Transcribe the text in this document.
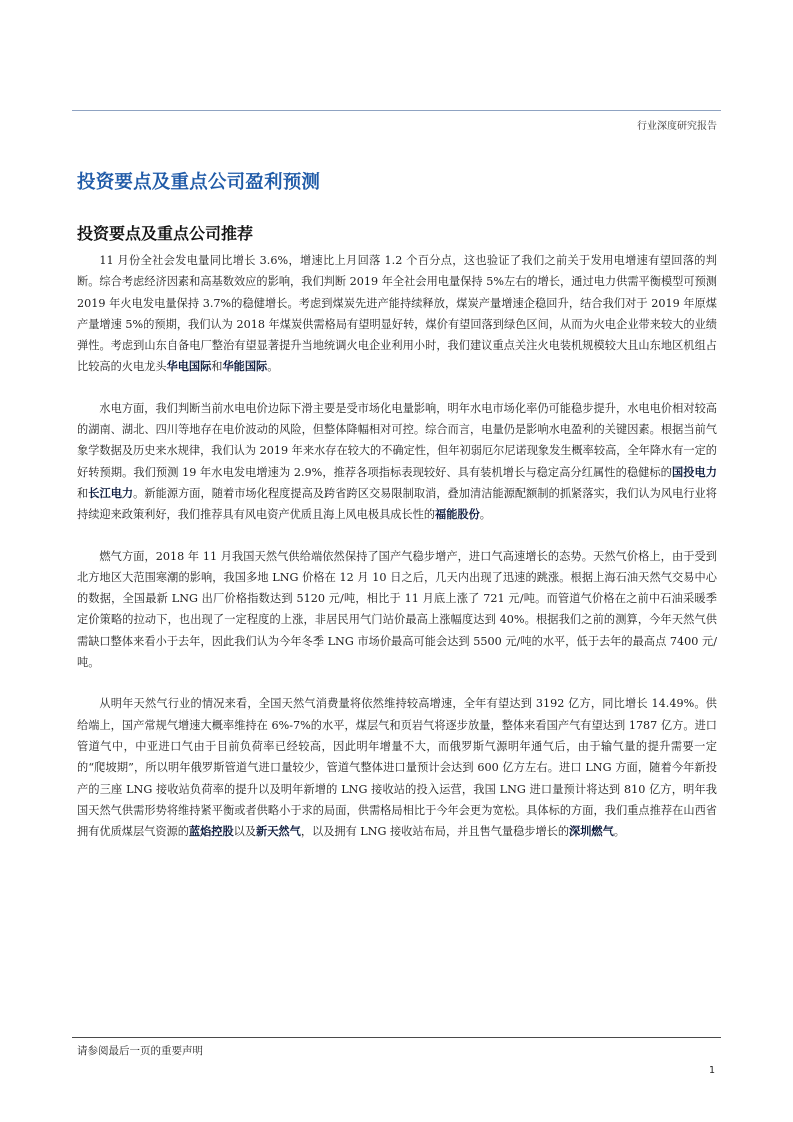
行业深度研究报告
投资要点及重点公司盈利预测
投资要点及重点公司推荐

11 月份全社会发电量同比增长 3.6%，增速比上月回落 1.2 个百分点，这也验证了我们之前关于发用电增速有望回落的判断。综合考虑经济因素和高基数效应的影响，我们判断 2019 年全社会用电量保持 5%左右的增长，通过电力供需平衡模型可预测 2019 年火电发电量保持 3.7%的稳健增长。考虑到煤炭先进产能持续释放，煤炭产量增速企稳回升，结合我们对于 2019 年原煤产量增速 5%的预期，我们认为 2018 年煤炭供需格局有望明显好转，煤价有望回落到绿色区间，从而为火电企业带来较大的业绩弹性。考虑到山东自备电厂整治有望显著提升当地统调火电企业利用小时，我们建议重点关注火电装机规模较大且山东地区机组占比较高的火电龙头华电国际和华能国际。

水电方面，我们判断当前水电电价边际下滑主要是受市场化电量影响，明年水电市场化率仍可能稳步提升，水电电价相对较高的湖南、湖北、四川等地存在电价波动的风险，但整体降幅相对可控。综合而言，电量仍是影响水电盈利的关键因素。根据当前气象学数据及历史来水规律，我们认为 2019 年来水存在较大的不确定性，但年初弱厄尔尼诺现象发生概率较高，全年降水有一定的好转预期。我们预测 19 年水电发电增速为 2.9%，推荐各项指标表现较好、具有装机增长与稳定高分红属性的稳健标的国投电力和长江电力。新能源方面，随着市场化程度提高及跨省跨区交易限制取消，叠加清洁能源配额制的抓紧落实，我们认为风电行业将持续迎来政策利好，我们推荐具有风电资产优质且海上风电极具成长性的福能股份。

燃气方面，2018 年 11 月我国天然气供给端依然保持了国产气稳步增产，进口气高速增长的态势。天然气价格上，由于受到北方地区大范围寒潮的影响，我国多地 LNG 价格在 12 月 10 日之后，几天内出现了迅速的跳涨。根据上海石油天然气交易中心的数据，全国最新 LNG 出厂价格指数达到 5120 元/吨，相比于 11 月底上涨了 721 元/吨。而管道气价格在之前中石油采暖季定价策略的拉动下，也出现了一定程度的上涨，非居民用气门站价最高上涨幅度达到 40%。根据我们之前的测算，今年天然气供需缺口整体来看小于去年，因此我们认为今年冬季 LNG 市场价最高可能会达到 5500 元/吨的水平，低于去年的最高点 7400 元/吨。

从明年天然气行业的情况来看，全国天然气消费量将依然维持较高增速，全年有望达到 3192 亿方，同比增长 14.49%。供给端上，国产常规气增速大概率维持在 6%-7%的水平，煤层气和页岩气将逐步放量，整体来看国产气有望达到 1787 亿方。进口管道气中，中亚进口气由于目前负荷率已经较高，因此明年增量不大，而俄罗斯气源明年通气后，由于输气量的提升需要一定的“爬坡期”，所以明年俄罗斯管道气进口量较少，管道气整体进口量预计会达到 600 亿方左右。进口 LNG 方面，随着今年新投产的三座 LNG 接收站负荷率的提升以及明年新增的 LNG 接收站的投入运营，我国 LNG 进口量预计将达到 810 亿方，明年我国天然气供需形势将维持紧平衡或者供略小于求的局面，供需格局相比于今年会更为宽松。具体标的方面，我们重点推荐在山西省拥有优质煤层气资源的蓝焰控股以及新天然气，以及拥有 LNG 接收站布局，并且售气量稳步增长的深圳燃气。

请参阅最后一页的重要声明
1
